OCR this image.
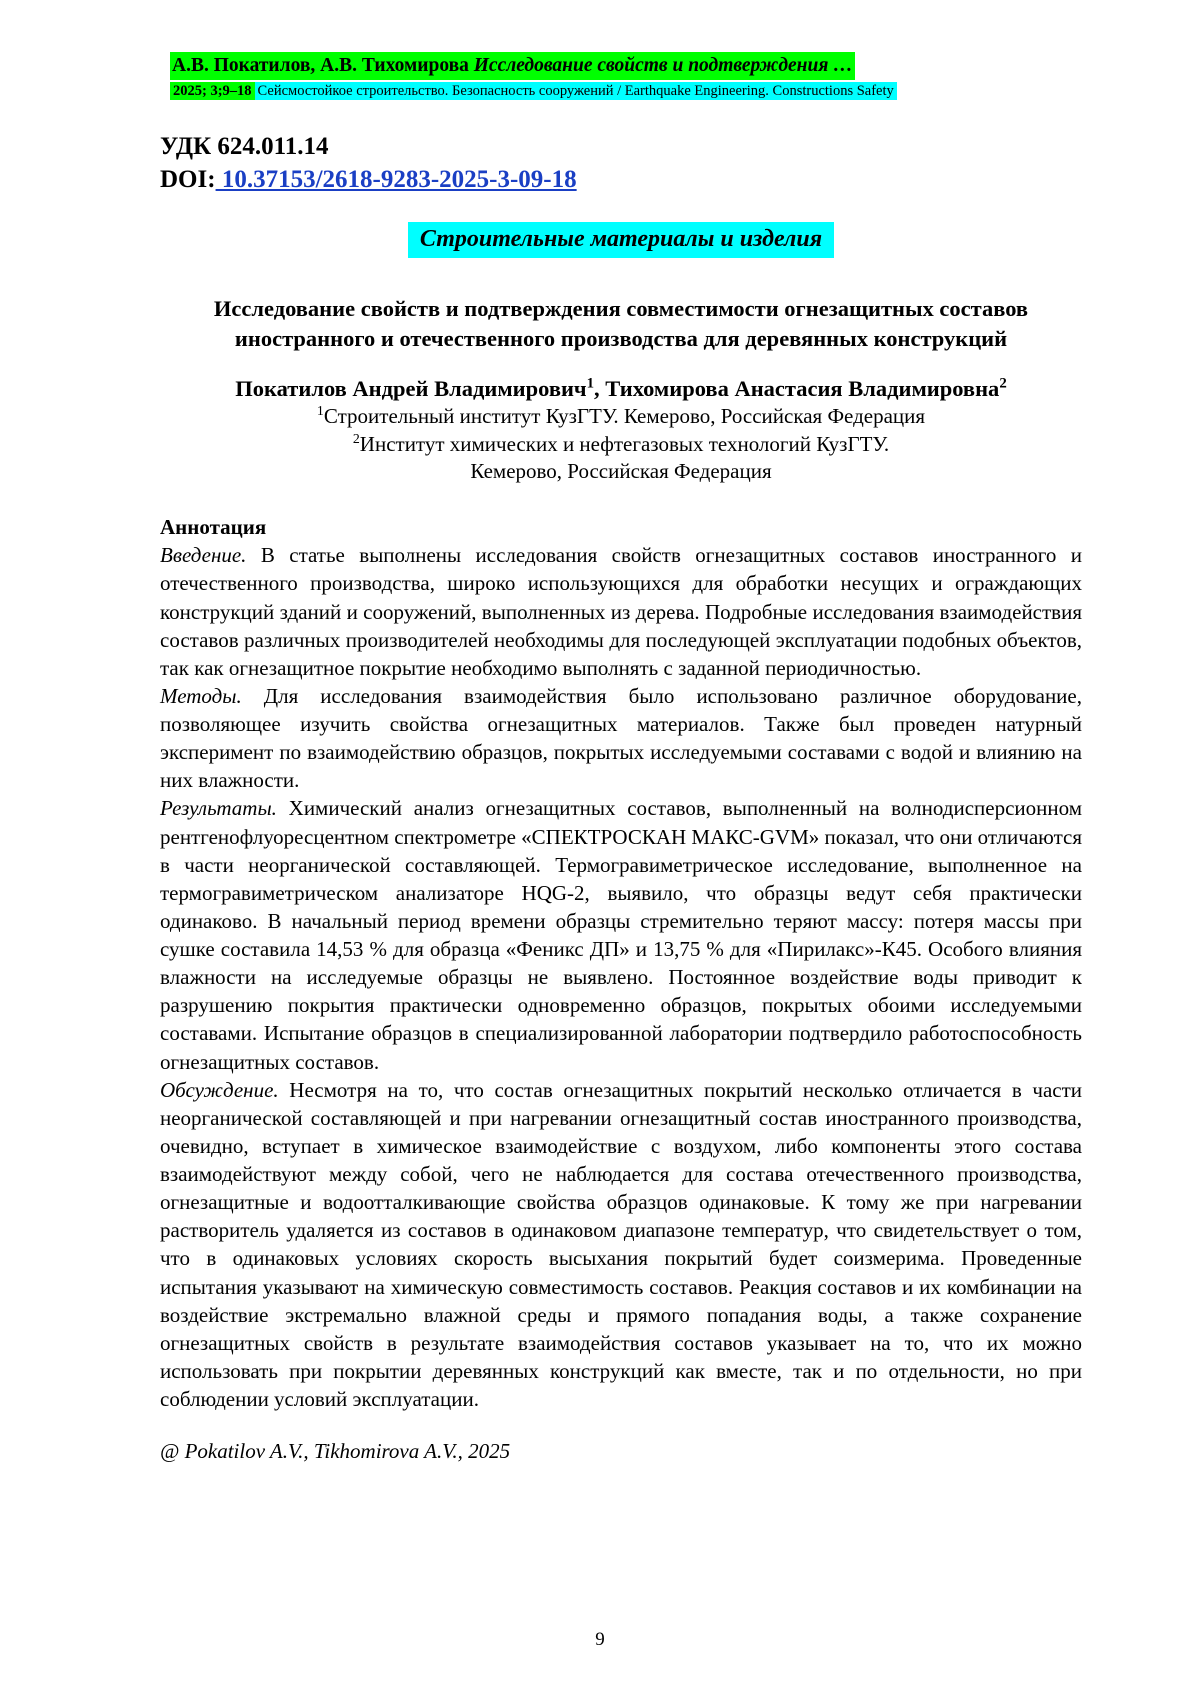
А.В. Покатилов, А.В. Тихомирова Исследование свойств и подтверждения …
2025; 3;9–18 Сейсмостойкое строительство. Безопасность сооружений / Earthquake Engineering. Constructions Safety
УДК 624.011.14
DOI: 10.37153/2618-9283-2025-3-09-18
Строительные материалы и изделия
Исследование свойств и подтверждения совместимости огнезащитных составов
иностранного и отечественного производства для деревянных конструкций
Покатилов Андрей Владимирович$^1$, Тихомирова Анастасия Владимировна$^2$
$^1$Строительный институт КузГТУ. Кемерово, Российская Федерация
$^2$Институт химических и нефтегазовых технологий КузГТУ.
Кемерово, Российская Федерация
Аннотация

Введение. В статье выполнены исследования свойств огнезащитных составов иностранного и отечественного производства, широко использующихся для обработки несущих и ограждающих конструкций зданий и сооружений, выполненных из дерева. Подробные исследования взаимодействия составов различных производителей необходимы для последующей эксплуатации подобных объектов, так как огнезащитное покрытие необходимо выполнять с заданной периодичностью.

Методы. Для исследования взаимодействия было использовано различное оборудование, позволяющее изучить свойства огнезащитных материалов. Также был проведен натурный эксперимент по взаимодействию образцов, покрытых исследуемыми составами с водой и влиянию на них влажности.

Результаты. Химический анализ огнезащитных составов, выполненный на волнодисперсионном рентгенофлуоресцентном спектрометре «СПЕКТРОСКАН МАКС-GVM» показал, что они отличаются в части неорганической составляющей. Термогравиметрическое исследование, выполненное на термогравиметрическом анализаторе HQG-2, выявило, что образцы ведут себя практически одинаково. В начальный период времени образцы стремительно теряют массу: потеря массы при сушке составила 14,53 % для образца «Феникс ДП» и 13,75 % для «Пирилакс»-К45. Особого влияния влажности на исследуемые образцы не выявлено. Постоянное воздействие воды приводит к разрушению покрытия практически одновременно образцов, покрытых обоими исследуемыми составами. Испытание образцов в специализированной лаборатории подтвердило работоспособность огнезащитных составов.

Обсуждение. Несмотря на то, что состав огнезащитных покрытий несколько отличается в части неорганической составляющей и при нагревании огнезащитный состав иностранного производства, очевидно, вступает в химическое взаимодействие с воздухом, либо компоненты этого состава взаимодействуют между собой, чего не наблюдается для состава отечественного производства, огнезащитные и водоотталкивающие свойства образцов одинаковые. К тому же при нагревании растворитель удаляется из составов в одинаковом диапазоне температур, что свидетельствует о том, что в одинаковых условиях скорость высыхания покрытий будет соизмерима. Проведенные испытания указывают на химическую совместимость составов. Реакция составов и их комбинации на воздействие экстремально влажной среды и прямого попадания воды, а также сохранение огнезащитных свойств в результате взаимодействия составов указывает на то, что их можно использовать при покрытии деревянных конструкций как вместе, так и по отдельности, но при соблюдении условий эксплуатации.

@ Pokatilov A.V., Tikhomirova A.V., 2025
9
